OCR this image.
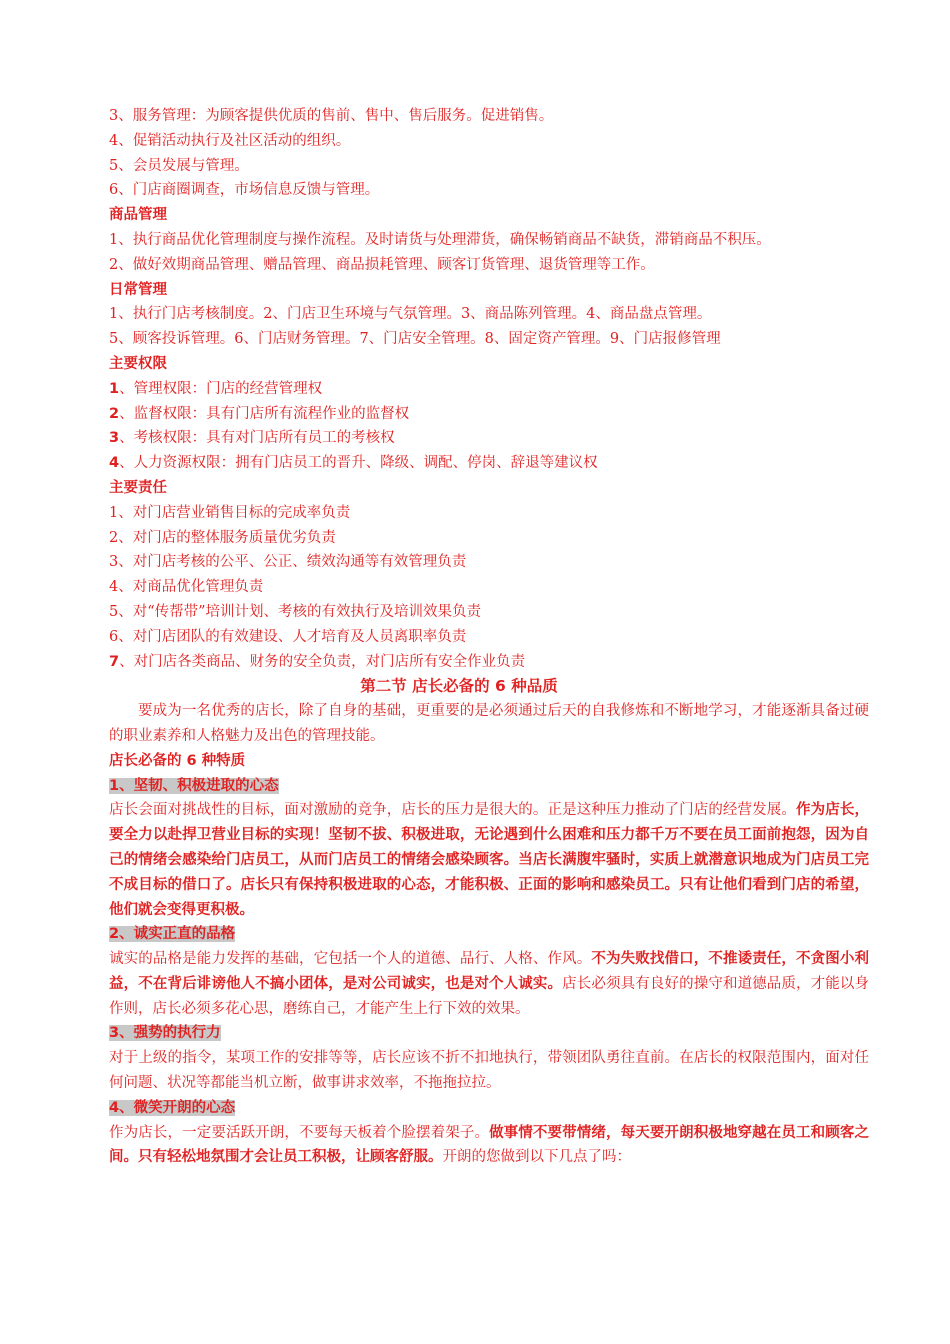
3、服务管理：为顾客提供优质的售前、售中、售后服务。促进销售。
4、促销活动执行及社区活动的组织。
5、会员发展与管理。
6、门店商圈调查，市场信息反馈与管理。
商品管理
1、执行商品优化管理制度与操作流程。及时请货与处理滞货，确保畅销商品不缺货，滞销商品不积压。
2、做好效期商品管理、赠品管理、商品损耗管理、顾客订货管理、退货管理等工作。
日常管理
1、执行门店考核制度。2、门店卫生环境与气氛管理。3、商品陈列管理。4、商品盘点管理。
5、顾客投诉管理。6、门店财务管理。7、门店安全管理。8、固定资产管理。9、门店报修管理
主要权限
1、管理权限：门店的经营管理权
2、监督权限：具有门店所有流程作业的监督权
3、考核权限：具有对门店所有员工的考核权
4、人力资源权限：拥有门店员工的晋升、降级、调配、停岗、辞退等建议权
主要责任
1、对门店营业销售目标的完成率负责
2、对门店的整体服务质量优劣负责
3、对门店考核的公平、公正、绩效沟通等有效管理负责
4、对商品优化管理负责
5、对“传帮带”培训计划、考核的有效执行及培训效果负责
6、对门店团队的有效建设、人才培育及人员离职率负责
7、对门店各类商品、财务的安全负责，对门店所有安全作业负责
第二节 店长必备的 6 种品质
要成为一名优秀的店长，除了自身的基础，更重要的是必须通过后天的自我修炼和不断地学习，才能逐渐具备过硬的职业素养和人格魅力及出色的管理技能。
店长必备的 6 种特质
1、坚韧、积极进取的心态
店长会面对挑战性的目标，面对激励的竞争，店长的压力是很大的。正是这种压力推动了门店的经营发展。作为店长，要全力以赴捍卫营业目标的实现！坚韧不拔、积极进取，无论遇到什么困难和压力都千万不要在员工面前抱怨，因为自己的情绪会感染给门店员工，从而门店员工的情绪会感染顾客。当店长满腹牢骚时，实质上就潜意识地成为门店员工完不成目标的借口了。店长只有保持积极进取的心态，才能积极、正面的影响和感染员工。只有让他们看到门店的希望，他们就会变得更积极。
2、诚实正直的品格
诚实的品格是能力发挥的基础，它包括一个人的道德、品行、人格、作风。不为失败找借口，不推诿责任，不贪图小利益，不在背后诽谤他人不搞小团体，是对公司诚实，也是对个人诚实。店长必须具有良好的操守和道德品质，才能以身作则，店长必须多花心思，磨练自己，才能产生上行下效的效果。
3、强势的执行力
对于上级的指令，某项工作的安排等等，店长应该不折不扣地执行，带领团队勇往直前。在店长的权限范围内，面对任何问题、状况等都能当机立断，做事讲求效率，不拖拖拉拉。
4、微笑开朗的心态
作为店长，一定要活跃开朗，不要每天板着个脸摆着架子。做事情不要带情绪，每天要开朗积极地穿越在员工和顾客之间。只有轻松地氛围才会让员工积极，让顾客舒服。开朗的您做到以下几点了吗：
